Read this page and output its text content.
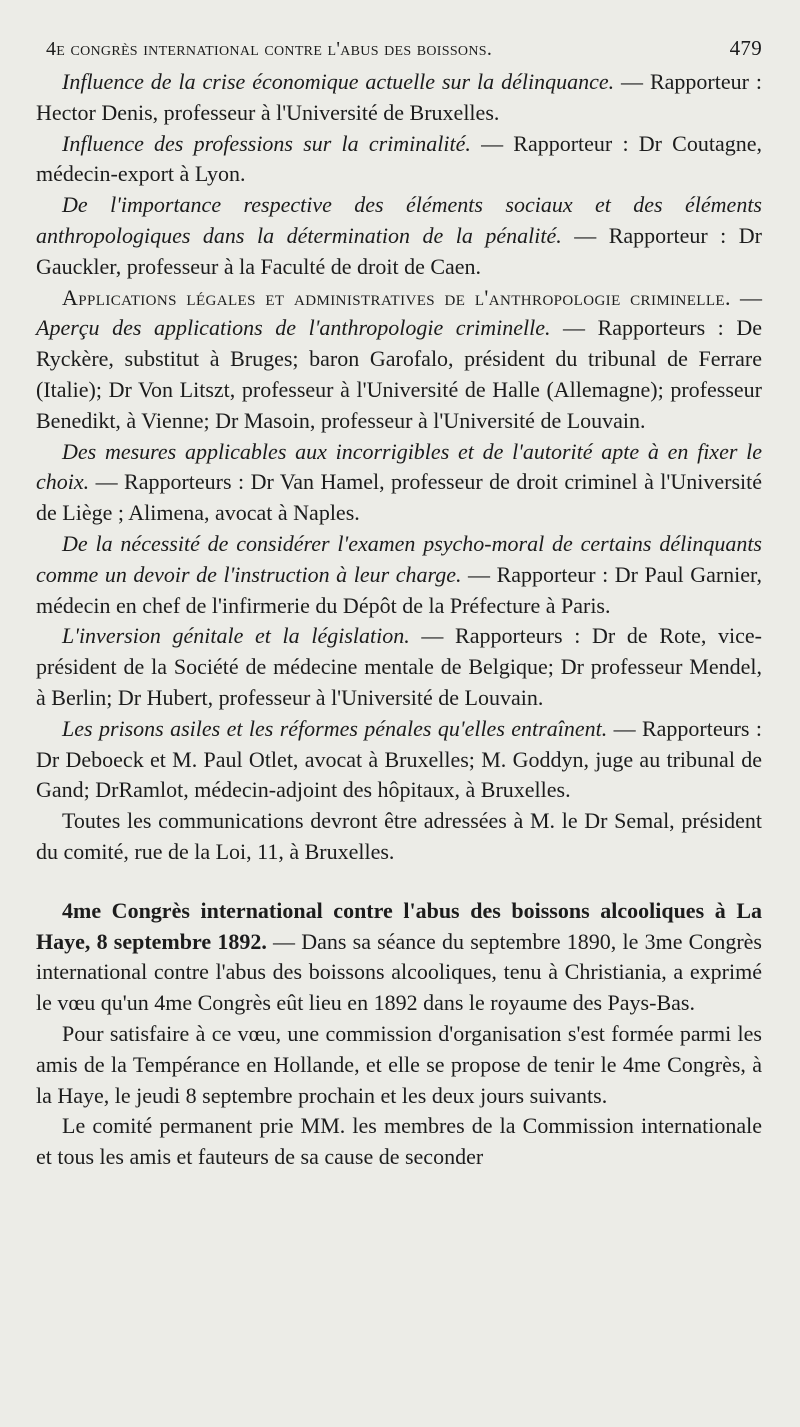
4e congrès international contre l'abus des boissons.	479

Influence de la crise économique actuelle sur la délinquance. — Rapporteur : Hector Denis, professeur à l'Université de Bruxelles.

Influence des professions sur la criminalité. — Rapporteur : Dr Coutagne, médecin-export à Lyon.

De l'importance respective des éléments sociaux et des éléments anthropologiques dans la détermination de la pénalité. — Rapporteur : Dr Gauckler, professeur à la Faculté de droit de Caen.

Applications légales et administratives de l'anthropologie criminelle. — Aperçu des applications de l'anthropologie criminelle. — Rapporteurs : De Ryckère, substitut à Bruges; baron Garofalo, président du tribunal de Ferrare (Italie); Dr Von Litszt, professeur à l'Université de Halle (Allemagne); professeur Benedikt, à Vienne; Dr Masoin, professeur à l'Université de Louvain.

Des mesures applicables aux incorrigibles et de l'autorité apte à en fixer le choix. — Rapporteurs : Dr Van Hamel, professeur de droit criminel à l'Université de Liège ; Alimena, avocat à Naples.

De la nécessité de considérer l'examen psycho-moral de certains délinquants comme un devoir de l'instruction à leur charge. — Rapporteur : Dr Paul Garnier, médecin en chef de l'infirmerie du Dépôt de la Préfecture à Paris.

L'inversion génitale et la législation. — Rapporteurs : Dr de Rote, vice-président de la Société de médecine mentale de Belgique; Dr professeur Mendel, à Berlin; Dr Hubert, professeur à l'Université de Louvain.

Les prisons asiles et les réformes pénales qu'elles entraînent. — Rapporteurs : Dr Deboeck et M. Paul Otlet, avocat à Bruxelles; M. Goddyn, juge au tribunal de Gand; DrRamlot, médecin-adjoint des hôpitaux, à Bruxelles.

Toutes les communications devront être adressées à M. le Dr Semal, président du comité, rue de la Loi, 11, à Bruxelles.

4me Congrès international contre l'abus des boissons alcooliques à La Haye, 8 septembre 1892. — Dans sa séance du septembre 1890, le 3me Congrès international contre l'abus des boissons alcooliques, tenu à Christiania, a exprimé le vœu qu'un 4me Congrès eût lieu en 1892 dans le royaume des Pays-Bas.

Pour satisfaire à ce vœu, une commission d'organisation s'est formée parmi les amis de la Tempérance en Hollande, et elle se propose de tenir le 4me Congrès, à la Haye, le jeudi 8 septembre prochain et les deux jours suivants.

Le comité permanent prie MM. les membres de la Commission internationale et tous les amis et fauteurs de sa cause de seconder
